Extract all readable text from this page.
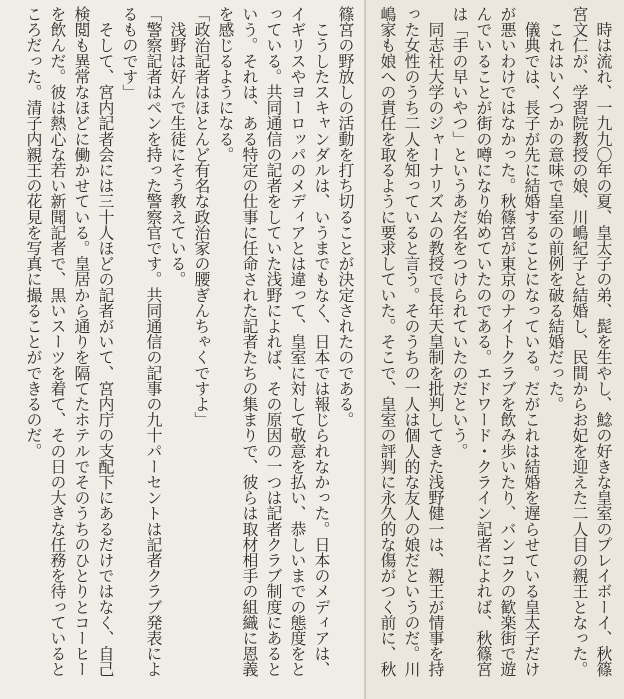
篠宮の野放しの活動を打ち切ることが決定されたのである。
　こうしたスキャンダルは、いうまでもなく、日本では報じられなかった。日本のメディアは、
イギリスやヨーロッパのメディアとは違って、皇室に対して敬意を払い、恭しいまでの態度をと
っている。共同通信の記者をしていた浅野によれば、その原因の一つは記者クラブ制度にあると
いう。それは、ある特定の仕事に任命された記者たちの集まりで、彼らは取材相手の組織に恩義
を感じるようになる。
「政治記者はほとんど有名な政治家の腰ぎんちゃくですよ」
　浅野は好んで生徒にそう教えている。
「警察記者はペンを持った警察官です。共同通信の記事の九十パーセントは記者クラブ発表によ
るものです」
　そして、宮内記者会には三十人ほどの記者がいて、宮内庁の支配下にあるだけではなく、自己
検閲も異常なほどに働かせている。皇居から通りを隔てたホテルでそのうちのひとりとコーヒー
を飲んだ。彼は熱心な若い新聞記者で、黒いスーツを着て、その日の大きな任務を待っていると
ころだった。清子内親王の花見を写真に撮ることができるのだ。	　時は流れ、一九九〇年の夏、皇太子の弟、髭を生やし、鯰の好きな皇室のプレイボーイ、秋篠
宮文仁が、学習院教授の娘、川嶋紀子と結婚し、民間からお妃を迎えた二人目の親王となった。
　これはいくつかの意味で皇室の前例を破る結婚だった。
　儀典では、長子が先に結婚することになっている。だがこれは結婚を遅らせている皇太子だけ
が悪いわけではなかった。秋篠宮が東京のナイトクラブを飲み歩いたり、バンコクの歓楽街で遊
んでいることが街の噂になり始めていたのである。エドワード・クライン記者によれば、秋篠宮
は「手の早いやつ」というあだ名をつけられていたのだという。
　同志社大学のジャーナリズムの教授で長年天皇制を批判してきた浅野健一は、親王が情事を持
った女性のうち二人を知っていると言う。そのうちの一人は個人的な友人の娘だというのだ。川
嶋家も娘への責任を取るように要求していた。そこで、皇室の評判に永久的な傷がつく前に、秋
